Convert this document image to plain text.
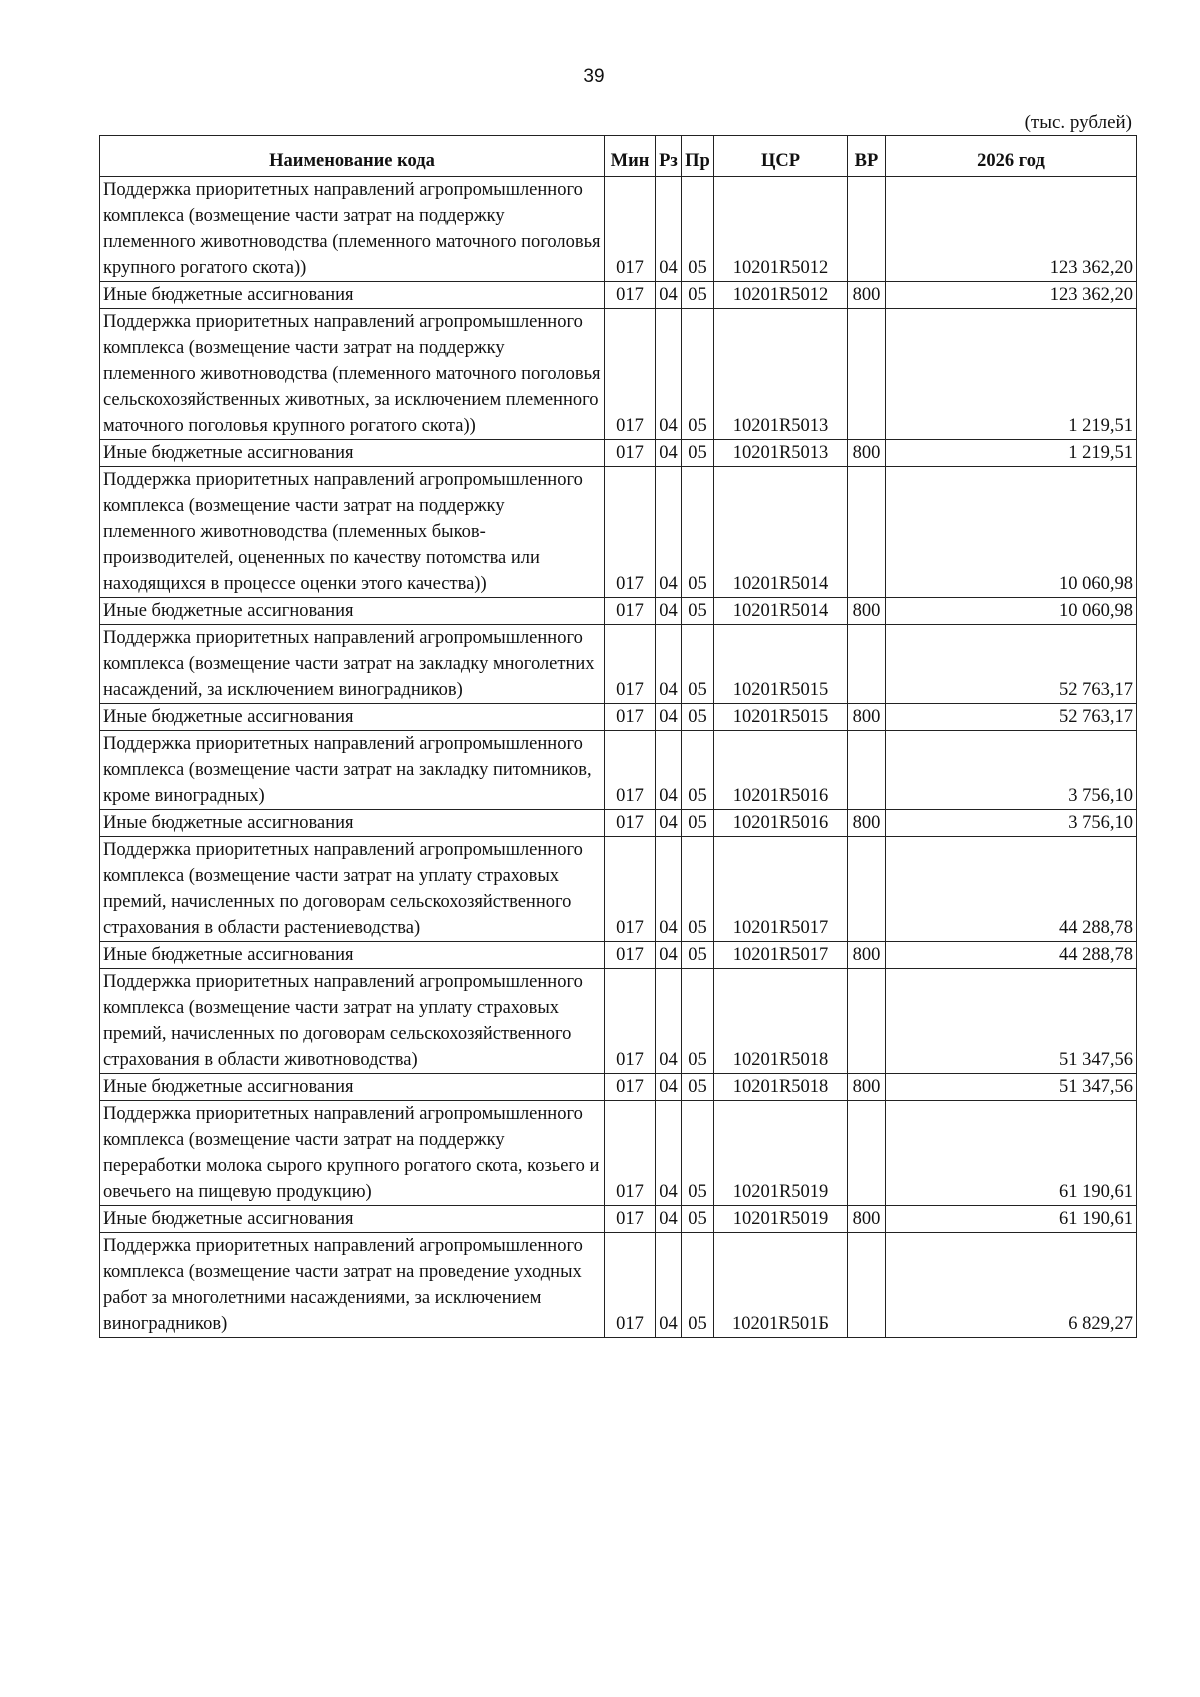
39
(тыс. рублей)
Наименование кода	Мин	Рз	Пр	ЦСР	ВР	2026 год
Поддержка приоритетных направлений агропромышленного комплекса (возмещение части затрат на поддержку племенного животноводства (племенного маточного поголовья крупного рогатого скота))	017	04	05	10201R5012		123 362,20
Иные бюджетные ассигнования	017	04	05	10201R5012	800	123 362,20
Поддержка приоритетных направлений агропромышленного комплекса (возмещение части затрат на поддержку племенного животноводства (племенного маточного поголовья сельскохозяйственных животных, за исключением племенного маточного поголовья крупного рогатого скота))	017	04	05	10201R5013		1 219,51
Иные бюджетные ассигнования	017	04	05	10201R5013	800	1 219,51
Поддержка приоритетных направлений агропромышленного комплекса (возмещение части затрат на поддержку племенного животноводства (племенных быков-производителей, оцененных по качеству потомства или находящихся в процессе оценки этого качества))	017	04	05	10201R5014		10 060,98
Иные бюджетные ассигнования	017	04	05	10201R5014	800	10 060,98
Поддержка приоритетных направлений агропромышленного комплекса (возмещение части затрат на закладку многолетних насаждений, за исключением виноградников)	017	04	05	10201R5015		52 763,17
Иные бюджетные ассигнования	017	04	05	10201R5015	800	52 763,17
Поддержка приоритетных направлений агропромышленного комплекса (возмещение части затрат на закладку питомников, кроме виноградных)	017	04	05	10201R5016		3 756,10
Иные бюджетные ассигнования	017	04	05	10201R5016	800	3 756,10
Поддержка приоритетных направлений агропромышленного комплекса (возмещение части затрат на уплату страховых премий, начисленных по договорам сельскохозяйственного страхования в области растениеводства)	017	04	05	10201R5017		44 288,78
Иные бюджетные ассигнования	017	04	05	10201R5017	800	44 288,78
Поддержка приоритетных направлений агропромышленного комплекса (возмещение части затрат на уплату страховых премий, начисленных по договорам сельскохозяйственного страхования в области животноводства)	017	04	05	10201R5018		51 347,56
Иные бюджетные ассигнования	017	04	05	10201R5018	800	51 347,56
Поддержка приоритетных направлений агропромышленного комплекса (возмещение части затрат на поддержку переработки молока сырого крупного рогатого скота, козьего и овечьего на пищевую продукцию)	017	04	05	10201R5019		61 190,61
Иные бюджетные ассигнования	017	04	05	10201R5019	800	61 190,61
Поддержка приоритетных направлений агропромышленного комплекса (возмещение части затрат на проведение уходных работ за многолетними насаждениями, за исключением виноградников)	017	04	05	10201R501Б		6 829,27
